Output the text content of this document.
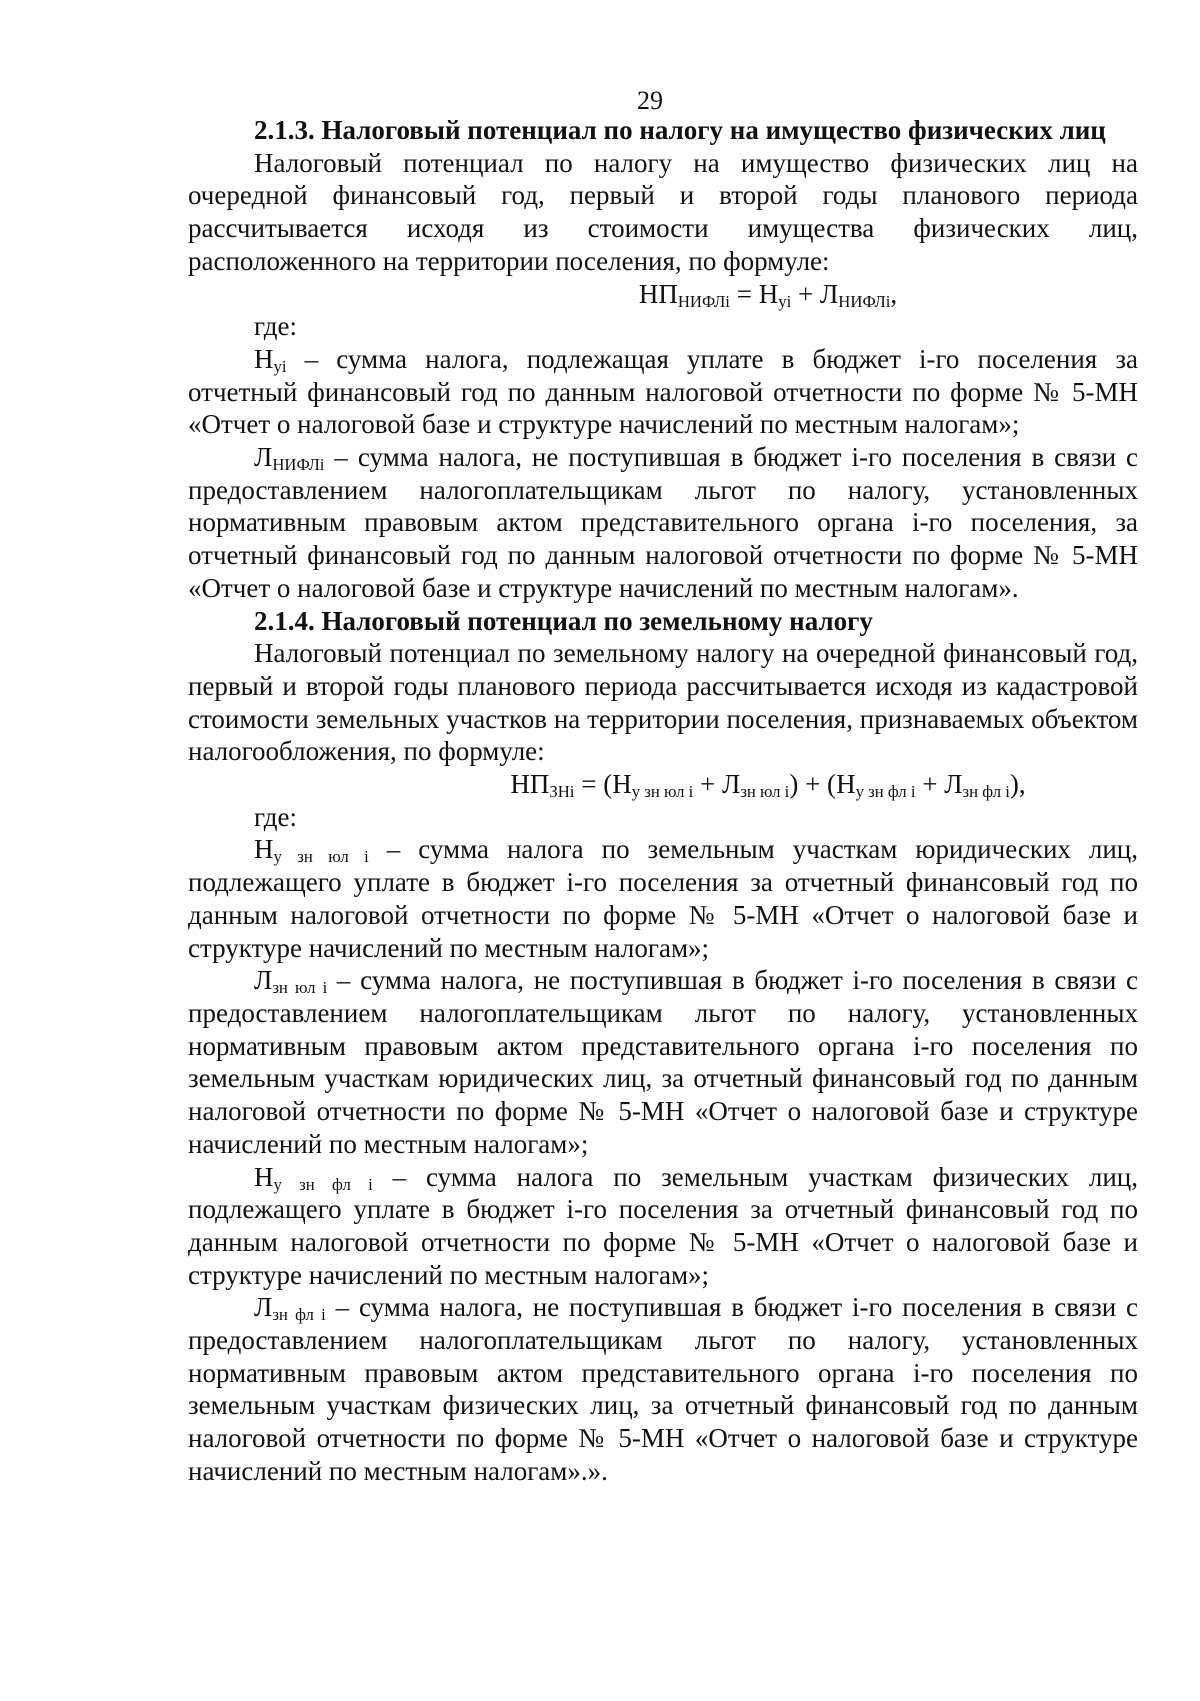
29

2.1.3. Налоговый потенциал по налогу на имущество физических лиц

Налоговый потенциал по налогу на имущество физических лиц на очередной финансовый год, первый и второй годы планового периода рассчитывается исходя из стоимости имущества физических лиц, расположенного на территории поселения, по формуле:

$НП_{НИФЛi} = Н_{yi} + Л_{НИФЛi}$,

где:

$Н_{yi}$ – сумма налога, подлежащая уплате в бюджет i-го поселения за отчетный финансовый год по данным налоговой отчетности по форме № 5-МН «Отчет о налоговой базе и структуре начислений по местным налогам»;

$Л_{НИФЛi}$ – сумма налога, не поступившая в бюджет i-го поселения в связи с предоставлением налогоплательщикам льгот по налогу, установленных нормативным правовым актом представительного органа i-го поселения, за отчетный финансовый год по данным налоговой отчетности по форме № 5-МН «Отчет о налоговой базе и структуре начислений по местным налогам».

2.1.4. Налоговый потенциал по земельному налогу

Налоговый потенциал по земельному налогу на очередной финансовый год, первый и второй годы планового периода рассчитывается исходя из кадастровой стоимости земельных участков на территории поселения, признаваемых объектом налогообложения, по формуле:

$НП_{ЗНi} = (Н_{у зн юл i} + Л_{зн юл i}) + (Н_{у зн фл i} + Л_{зн фл i})$,

где:

$Н_{у зн юл i}$ – сумма налога по земельным участкам юридических лиц, подлежащего уплате в бюджет i-го поселения за отчетный финансовый год по данным налоговой отчетности по форме № 5-МН «Отчет о налоговой базе и структуре начислений по местным налогам»;

$Л_{зн юл i}$ – сумма налога, не поступившая в бюджет i-го поселения в связи с предоставлением налогоплательщикам льгот по налогу, установленных нормативным правовым актом представительного органа i-го поселения по земельным участкам юридических лиц, за отчетный финансовый год по данным налоговой отчетности по форме № 5-МН «Отчет о налоговой базе и структуре начислений по местным налогам»;

$Н_{у зн фл i}$ – сумма налога по земельным участкам физических лиц, подлежащего уплате в бюджет i-го поселения за отчетный финансовый год по данным налоговой отчетности по форме № 5-МН «Отчет о налоговой базе и структуре начислений по местным налогам»;

$Л_{зн фл i}$ – сумма налога, не поступившая в бюджет i-го поселения в связи с предоставлением налогоплательщикам льгот по налогу, установленных нормативным правовым актом представительного органа i-го поселения по земельным участкам физических лиц, за отчетный финансовый год по данным налоговой отчетности по форме № 5-МН «Отчет о налоговой базе и структуре начислений по местным налогам».».
